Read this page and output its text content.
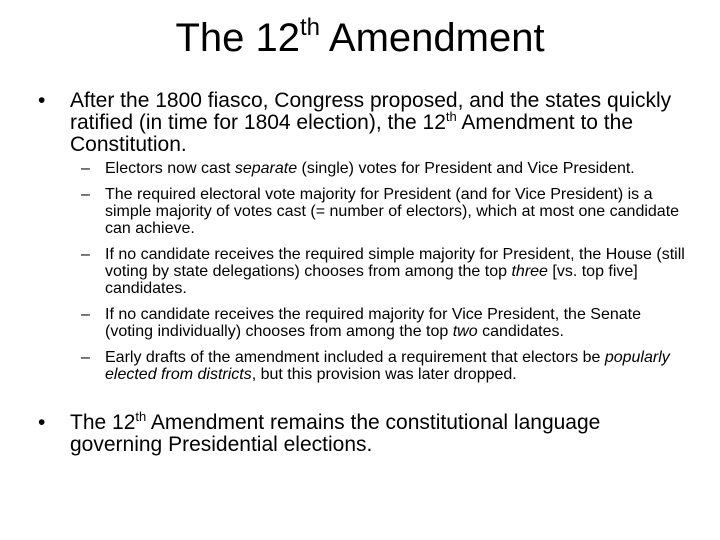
The 12th Amendment
• After the 1800 fiasco, Congress proposed, and the states quickly ratified (in time for 1804 election), the 12th Amendment to the Constitution.
– Electors now cast separate (single) votes for President and Vice President.
– The required electoral vote majority for President (and for Vice President) is a simple majority of votes cast (= number of electors), which at most one candidate can achieve.
– If no candidate receives the required simple majority for President, the House (still voting by state delegations) chooses from among the top three [vs. top five] candidates.
– If no candidate receives the required majority for Vice President, the Senate (voting individually) chooses from among the top two candidates.
– Early drafts of the amendment included a requirement that electors be popularly elected from districts, but this provision was later dropped.
• The 12th Amendment remains the constitutional language governing Presidential elections.
